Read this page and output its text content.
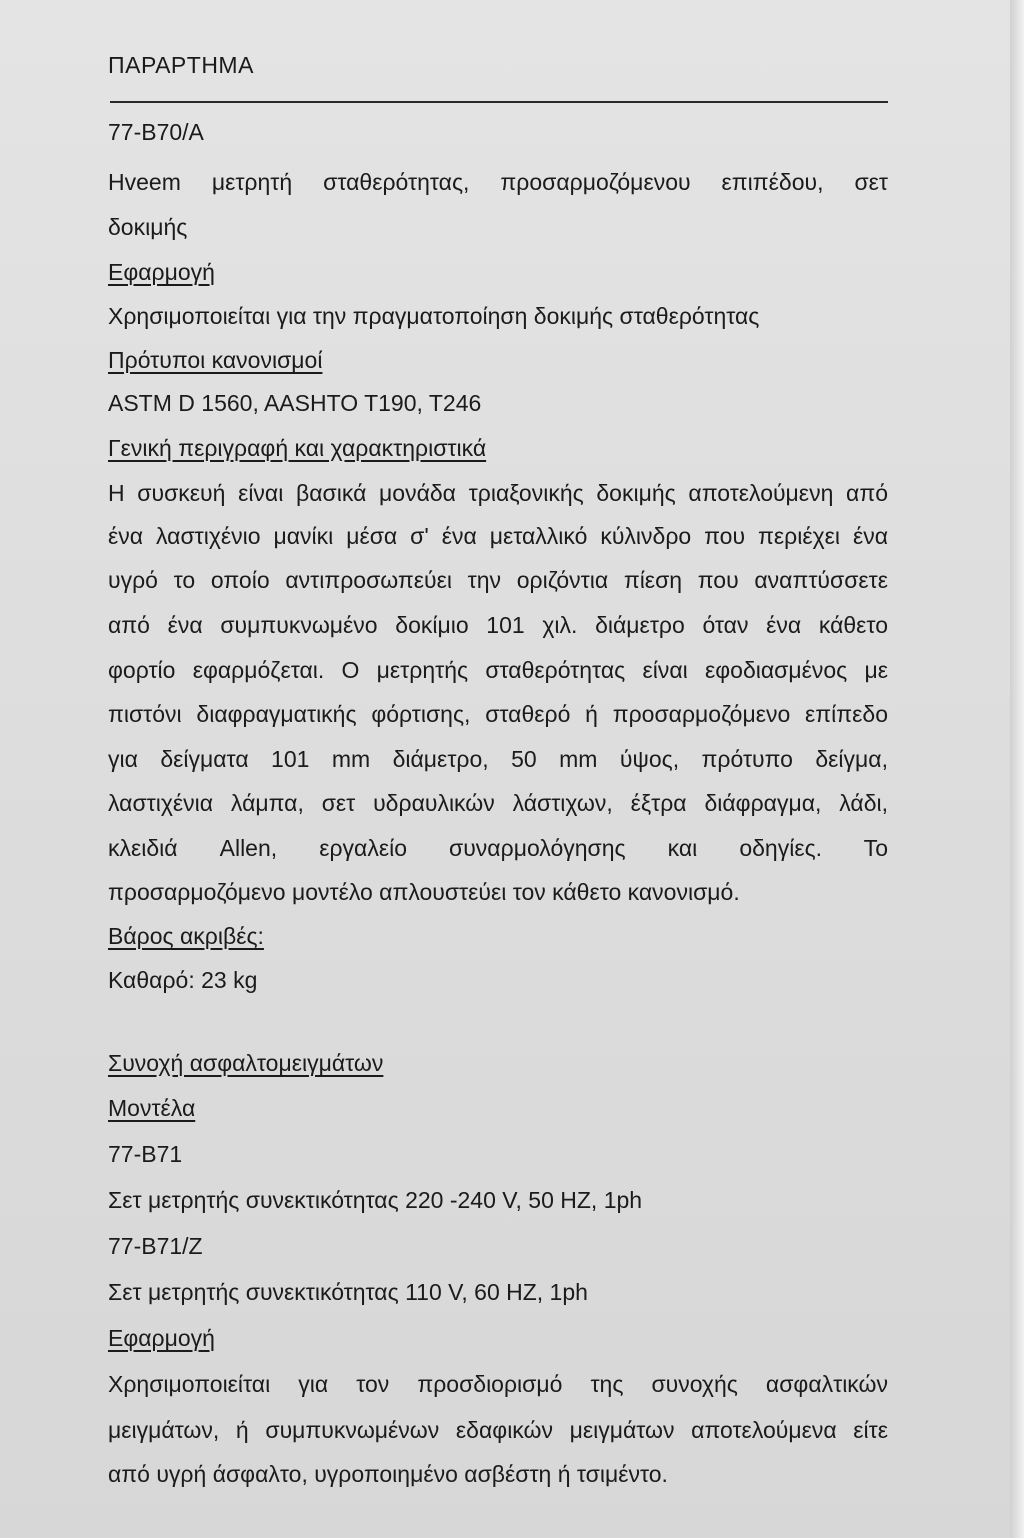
ΠΑΡΑΡΤΗΜΑ
77-B70/A
Hveem μετρητή σταθερότητας, προσαρμοζόμενου επιπέδου, σετ
δοκιμής
Εφαρμογή
Χρησιμοποιείται για την πραγματοποίηση δοκιμής σταθερότητας
Πρότυποι κανονισμοί
ASTM D 1560, AASHTO T190, T246
Γενική περιγραφή και χαρακτηριστικά
Η συσκευή είναι βασικά μονάδα τριαξονικής δοκιμής αποτελούμενη από
ένα λαστιχένιο μανίκι μέσα σ' ένα μεταλλικό κύλινδρο που περιέχει ένα
υγρό το οποίο αντιπροσωπεύει την οριζόντια πίεση που αναπτύσσετε
από ένα συμπυκνωμένο δοκίμιο 101 χιλ. διάμετρο όταν ένα κάθετο
φορτίο εφαρμόζεται. Ο μετρητής σταθερότητας είναι εφοδιασμένος με
πιστόνι διαφραγματικής φόρτισης, σταθερό ή προσαρμοζόμενο επίπεδο
για δείγματα 101 mm διάμετρο, 50 mm ύψος, πρότυπο δείγμα,
λαστιχένια λάμπα, σετ υδραυλικών λάστιχων, έξτρα διάφραγμα, λάδι,
κλειδιά Allen, εργαλείο συναρμολόγησης και οδηγίες. Το
προσαρμοζόμενο μοντέλο απλουστεύει τον κάθετο κανονισμό.
Βάρος ακριβές:
Καθαρό: 23 kg
Συνοχή ασφαλτομειγμάτων
Μοντέλα
77-B71
Σετ μετρητής συνεκτικότητας 220 -240 V, 50 HZ, 1ph
77-B71/Z
Σετ μετρητής συνεκτικότητας 110 V, 60 HZ, 1ph
Εφαρμογή
Χρησιμοποιείται για τον προσδιορισμό της συνοχής ασφαλτικών
μειγμάτων, ή συμπυκνωμένων εδαφικών μειγμάτων αποτελούμενα είτε
από υγρή άσφαλτο, υγροποιημένο ασβέστη ή τσιμέντο.
